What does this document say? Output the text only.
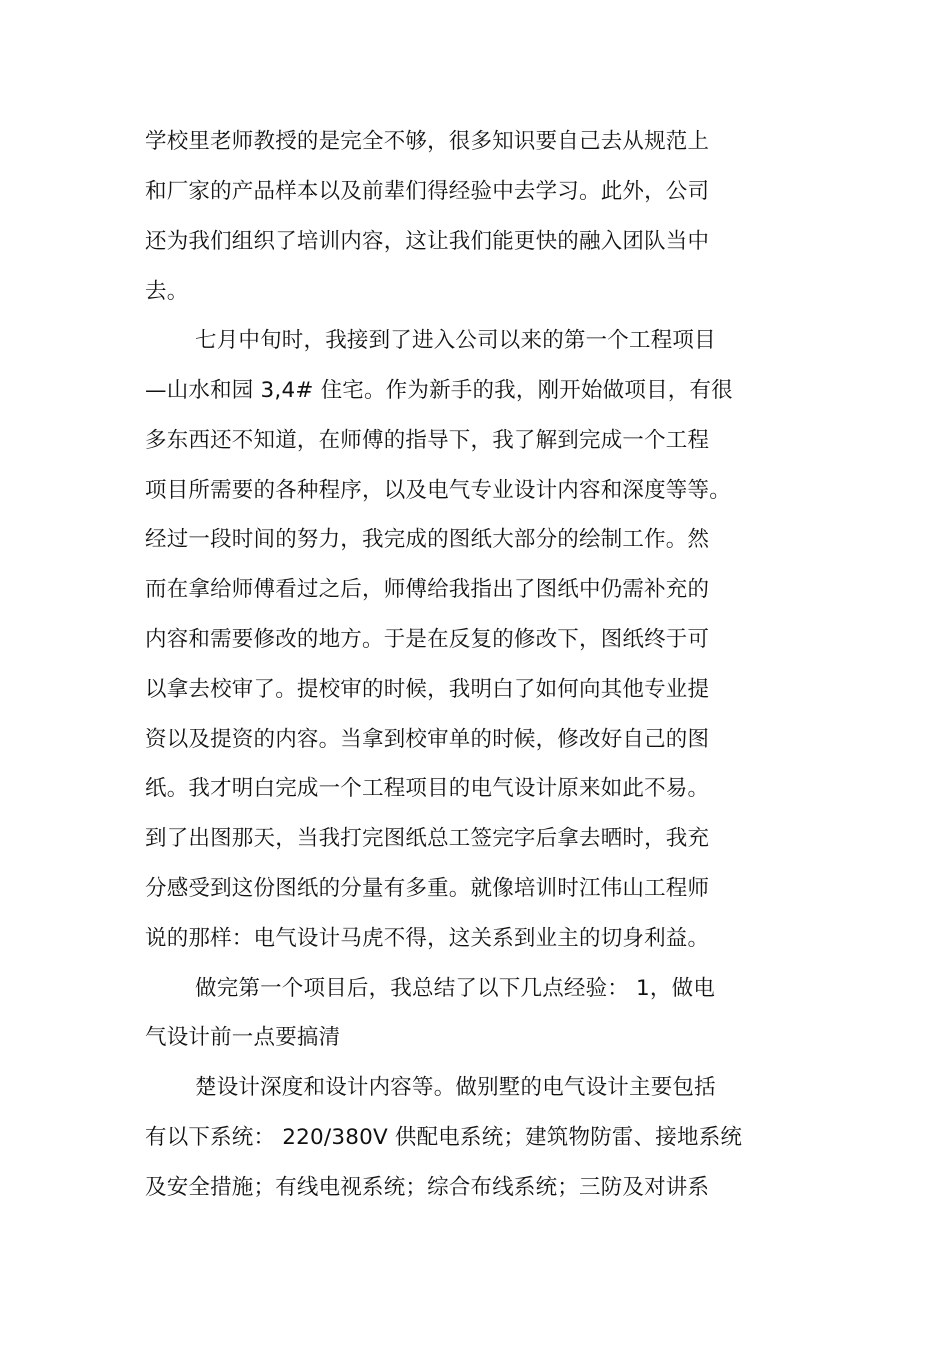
学校里老师教授的是完全不够，很多知识要自己去从规范上

和厂家的产品样本以及前辈们得经验中去学习。此外，公司

还为我们组织了培训内容，这让我们能更快的融入团队当中

去。

七月中旬时，我接到了进入公司以来的第一个工程项目

—山水和园 3,4# 住宅。作为新手的我，刚开始做项目，有很

多东西还不知道，在师傅的指导下，我了解到完成一个工程

项目所需要的各种程序，以及电气专业设计内容和深度等等。

经过一段时间的努力，我完成的图纸大部分的绘制工作。然

而在拿给师傅看过之后，师傅给我指出了图纸中仍需补充的

内容和需要修改的地方。于是在反复的修改下，图纸终于可

以拿去校审了。提校审的时候，我明白了如何向其他专业提

资以及提资的内容。当拿到校审单的时候，修改好自己的图

纸。我才明白完成一个工程项目的电气设计原来如此不易。

到了出图那天，当我打完图纸总工签完字后拿去晒时，我充

分感受到这份图纸的分量有多重。就像培训时江伟山工程师

说的那样：电气设计马虎不得，这关系到业主的切身利益。

做完第一个项目后，我总结了以下几点经验： 1，做电

气设计前一点要搞清

楚设计深度和设计内容等。做别墅的电气设计主要包括

有以下系统： 220/380V 供配电系统；建筑物防雷、接地系统

及安全措施；有线电视系统；综合布线系统；三防及对讲系
